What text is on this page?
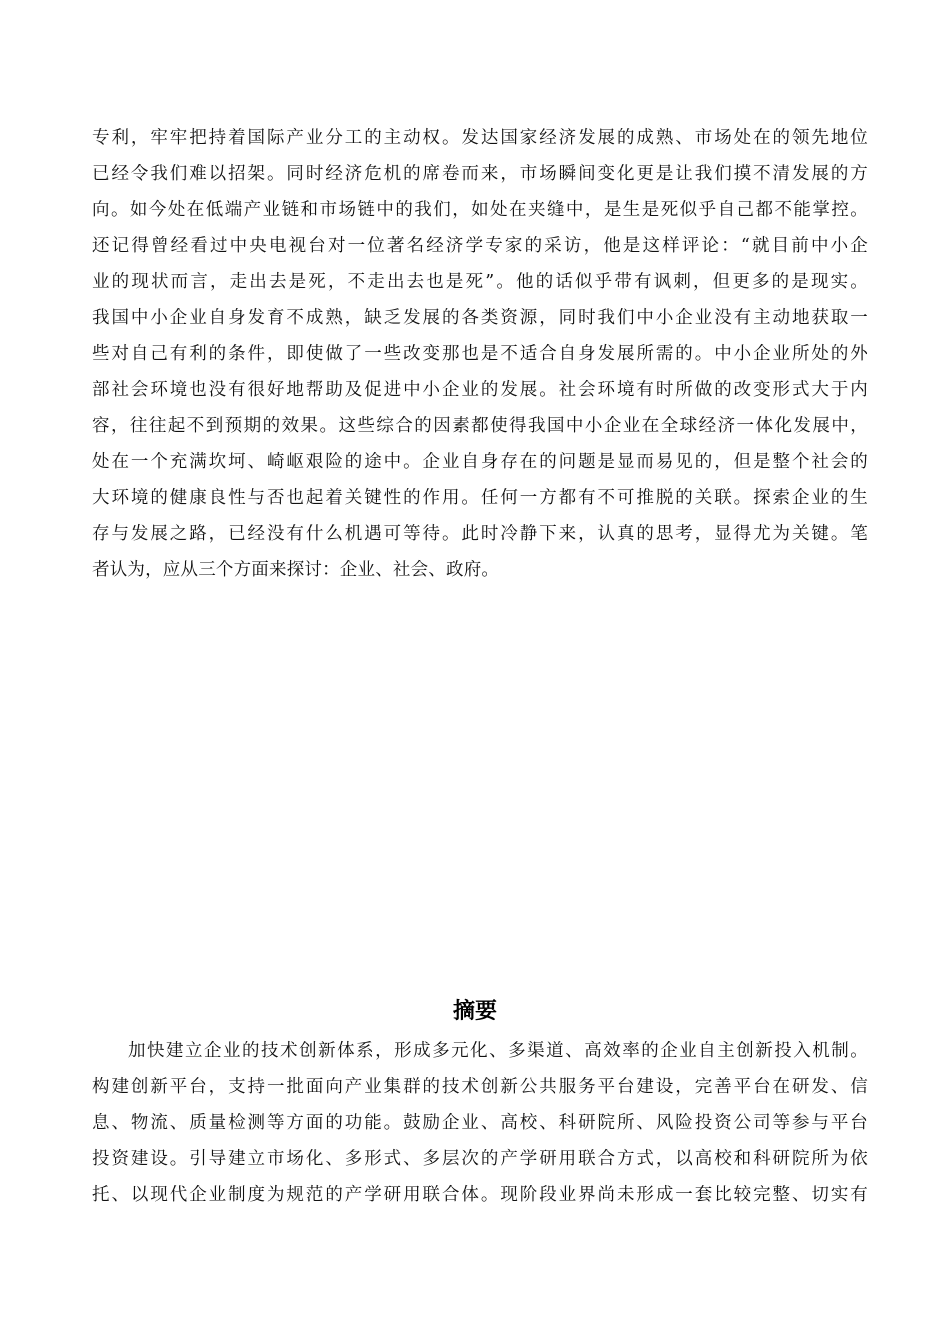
专利，牢牢把持着国际产业分工的主动权。发达国家经济发展的成熟、市场处在的领先地位
已经令我们难以招架。同时经济危机的席卷而来，市场瞬间变化更是让我们摸不清发展的方
向。如今处在低端产业链和市场链中的我们，如处在夹缝中，是生是死似乎自己都不能掌控。
还记得曾经看过中央电视台对一位著名经济学专家的采访，他是这样评论：“就目前中小企
业的现状而言，走出去是死，不走出去也是死”。他的话似乎带有讽刺，但更多的是现实。
我国中小企业自身发育不成熟，缺乏发展的各类资源，同时我们中小企业没有主动地获取一
些对自己有利的条件，即使做了一些改变那也是不适合自身发展所需的。中小企业所处的外
部社会环境也没有很好地帮助及促进中小企业的发展。社会环境有时所做的改变形式大于内
容，往往起不到预期的效果。这些综合的因素都使得我国中小企业在全球经济一体化发展中，
处在一个充满坎坷、崎岖艰险的途中。企业自身存在的问题是显而易见的，但是整个社会的
大环境的健康良性与否也起着关键性的作用。任何一方都有不可推脱的关联。探索企业的生
存与发展之路，已经没有什么机遇可等待。此时冷静下来，认真的思考，显得尤为关键。笔
者认为，应从三个方面来探讨：企业、社会、政府。
摘要
加快建立企业的技术创新体系，形成多元化、多渠道、高效率的企业自主创新投入机制。
构建创新平台，支持一批面向产业集群的技术创新公共服务平台建设，完善平台在研发、信
息、物流、质量检测等方面的功能。鼓励企业、高校、科研院所、风险投资公司等参与平台
投资建设。引导建立市场化、多形式、多层次的产学研用联合方式，以高校和科研院所为依
托、以现代企业制度为规范的产学研用联合体。现阶段业界尚未形成一套比较完整、切实有
